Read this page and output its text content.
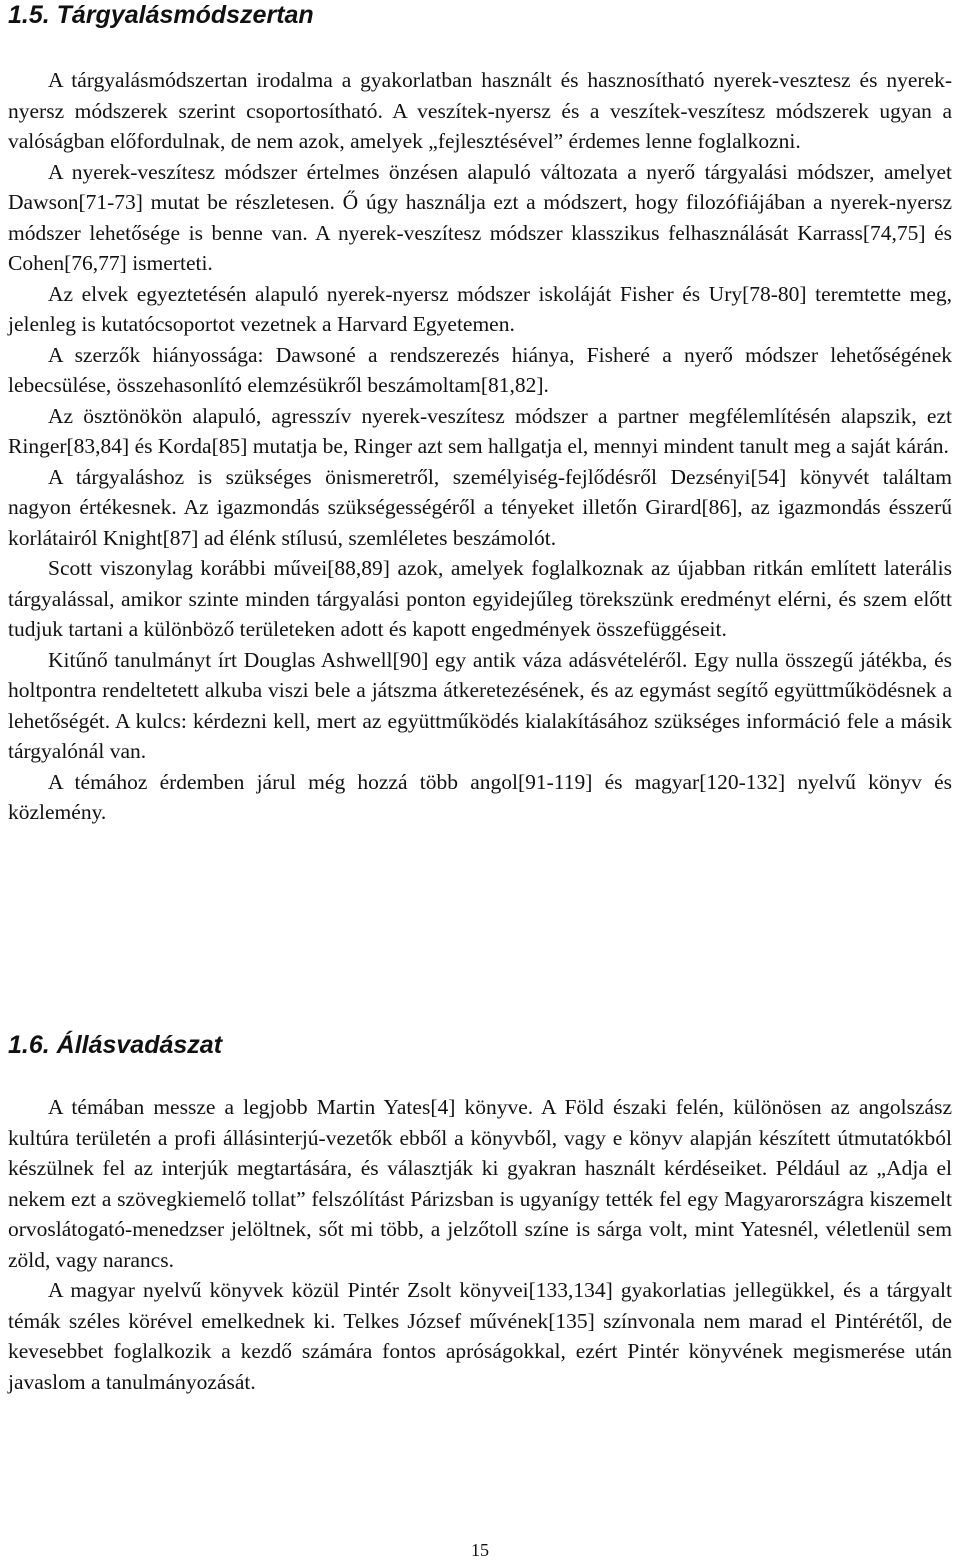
1.5. Tárgyalásmódszertan

A tárgyalásmódszertan irodalma a gyakorlatban használt és hasznosítható nyerek-vesztesz és nyerek-nyersz módszerek szerint csoportosítható. A veszítek-nyersz és a veszítek-veszítesz módszerek ugyan a valóságban előfordulnak, de nem azok, amelyek „fejlesztésével” érdemes lenne foglalkozni.

A nyerek-veszítesz módszer értelmes önzésen alapuló változata a nyerő tárgyalási módszer, amelyet Dawson[71-73] mutat be részletesen. Ő úgy használja ezt a módszert, hogy filozófiájában a nyerek-nyersz módszer lehetősége is benne van. A nyerek-veszítesz módszer klasszikus felhasználását Karrass[74,75] és Cohen[76,77] ismerteti.

Az elvek egyeztetésén alapuló nyerek-nyersz módszer iskoláját Fisher és Ury[78-80] teremtette meg, jelenleg is kutatócsoportot vezetnek a Harvard Egyetemen.

A szerzők hiányossága: Dawsoné a rendszerezés hiánya, Fisheré a nyerő módszer lehetőségének lebecsülése, összehasonlító elemzésükről beszámoltam[81,82].

Az ösztönökön alapuló, agresszív nyerek-veszítesz módszer a partner megfélemlítésén alapszik, ezt Ringer[83,84] és Korda[85] mutatja be, Ringer azt sem hallgatja el, mennyi mindent tanult meg a saját kárán.

A tárgyaláshoz is szükséges önismeretről, személyiség-fejlődésről Dezsényi[54] könyvét találtam nagyon értékesnek. Az igazmondás szükségességéről a tényeket illetőn Girard[86], az igazmondás ésszerű korlátairól Knight[87] ad élénk stílusú, szemléletes beszámolót.

Scott viszonylag korábbi művei[88,89] azok, amelyek foglalkoznak az újabban ritkán említett laterális tárgyalással, amikor szinte minden tárgyalási ponton egyidejűleg törekszünk eredményt elérni, és szem előtt tudjuk tartani a különböző területeken adott és kapott engedmények összefüggéseit.

Kitűnő tanulmányt írt Douglas Ashwell[90] egy antik váza adásvételéről. Egy nulla összegű játékba, és holtpontra rendeltetett alkuba viszi bele a játszma átkeretezésének, és az egymást segítő együttműködésnek a lehetőségét. A kulcs: kérdezni kell, mert az együttműködés kialakításához szükséges információ fele a másik tárgyalónál van.

A témához érdemben járul még hozzá több angol[91-119] és magyar[120-132] nyelvű könyv és közlemény.

1.6. Állásvadászat

A témában messze a legjobb Martin Yates[4] könyve. A Föld északi felén, különösen az angolszász kultúra területén a profi állásinterjú-vezetők ebből a könyvből, vagy e könyv alapján készített útmutatókból készülnek fel az interjúk megtartására, és választják ki gyakran használt kérdéseiket. Például az „Adja el nekem ezt a szövegkiemelő tollat” felszólítást Párizsban is ugyanígy tették fel egy Magyarországra kiszemelt orvoslátogató-menedzser jelöltnek, sőt mi több, a jelzőtoll színe is sárga volt, mint Yatesnél, véletlenül sem zöld, vagy narancs.

A magyar nyelvű könyvek közül Pintér Zsolt könyvei[133,134] gyakorlatias jellegükkel, és a tárgyalt témák széles körével emelkednek ki. Telkes József művének[135] színvonala nem marad el Pintérétől, de kevesebbet foglalkozik a kezdő számára fontos apróságokkal, ezért Pintér könyvének megismerése után javaslom a tanulmányozását.

15
